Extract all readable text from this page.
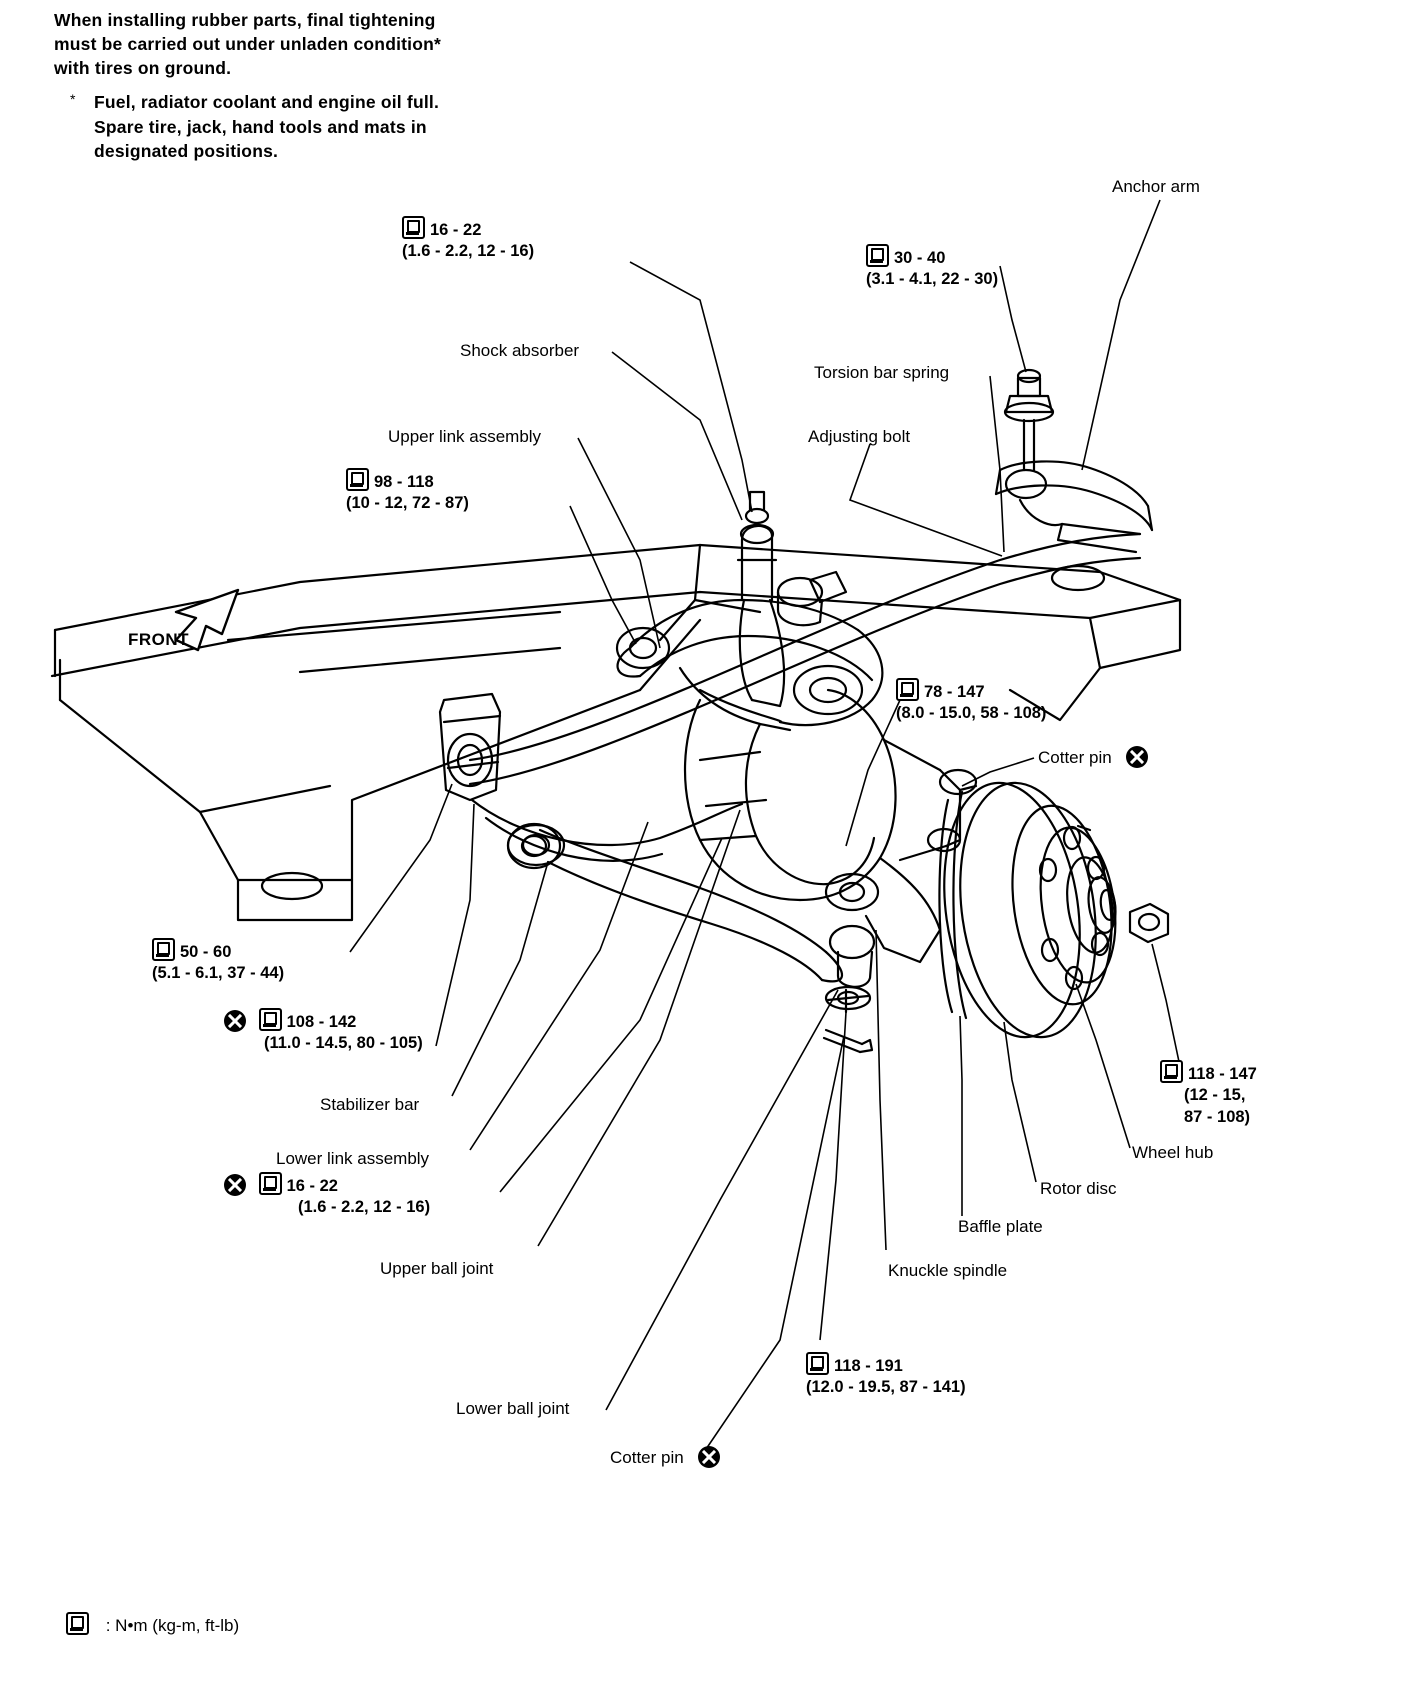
When installing rubber parts, final tightening

must be carried out under unladen condition*

with tires on ground.

* Fuel, radiator coolant and engine oil full.

Spare tire, jack, hand tools and mats in

designated positions.

FRONT
16 - 22
(1.6 - 2.2, 12 - 16)	30 - 40
(3.1 - 4.1, 22 - 30)
98 - 118
(10 - 12, 72 - 87)
78 - 147
(8.0 - 15.0, 58 - 108)
50 - 60
(5.1 - 6.1, 37 - 44)
108 - 142
(11.0 - 14.5, 80 - 105)
16 - 22
(1.6 - 2.2, 12 - 16)
118 - 147
(12 - 15,
87 - 108)
118 - 191
(12.0 - 19.5, 87 - 141)
Anchor arm
Shock absorber
Torsion bar spring
Adjusting bolt
Upper link assembly
Cotter pin
Stabilizer bar
Lower link assembly
Upper ball joint
Lower ball joint
Cotter pin
Knuckle spindle
Baffle plate
Rotor disc
Wheel hub
: N•m (kg-m, ft-lb)
